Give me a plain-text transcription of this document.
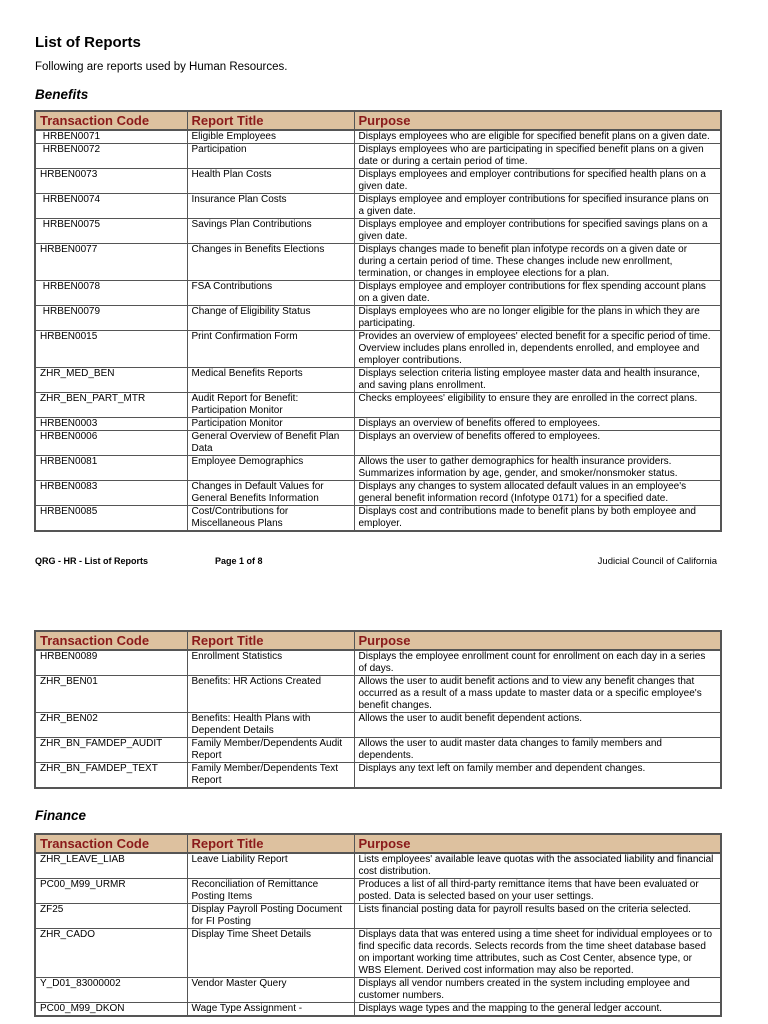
List of Reports
Following are reports used by Human Resources.
Benefits
Transaction Code	Report Title	Purpose
HRBEN0071	Eligible Employees	Displays employees who are eligible for specified benefit plans on a given date.
HRBEN0072	Participation	Displays employees who are participating in specified benefit plans on a given date or during a certain period of time.
HRBEN0073	Health Plan Costs	Displays employees and employer contributions for specified health plans on a given date.
HRBEN0074	Insurance Plan Costs	Displays employee and employer contributions for specified insurance plans on a given date.
HRBEN0075	Savings Plan Contributions	Displays employee and employer contributions for specified savings plans on a given date.
HRBEN0077	Changes in Benefits Elections	Displays changes made to benefit plan infotype records on a given date or during a certain period of time. These changes include new enrollment, termination, or changes in employee elections for a plan.
HRBEN0078	FSA Contributions	Displays employee and employer contributions for flex spending account plans on a given date.
HRBEN0079	Change of Eligibility Status	Displays employees who are no longer eligible for the plans in which they are participating.
HRBEN0015	Print Confirmation Form	Provides an overview of employees' elected benefit for a specific period of time. Overview includes plans enrolled in, dependents enrolled, and employee and employer contributions.
ZHR_MED_BEN	Medical Benefits Reports	Displays selection criteria listing employee master data and health insurance, and saving plans enrollment.
ZHR_BEN_PART_MTR	Audit Report for Benefit: Participation Monitor	Checks employees' eligibility to ensure they are enrolled in the correct plans.
HRBEN0003	Participation Monitor	Displays an overview of benefits offered to employees.
HRBEN0006	General Overview of Benefit Plan Data	Displays an overview of benefits offered to employees.
HRBEN0081	Employee Demographics	Allows the user to gather demographics for health insurance providers. Summarizes information by age, gender, and smoker/nonsmoker status.
HRBEN0083	Changes in Default Values for General Benefits Information	Displays any changes to system allocated default values in an employee's general benefit information record (Infotype 0171) for a specified date.
HRBEN0085	Cost/Contributions for Miscellaneous Plans	Displays cost and contributions made to benefit plans by both employee and employer.
QRG - HR - List of Reports	Page 1 of 8	Judicial Council of California
Transaction Code	Report Title	Purpose
HRBEN0089	Enrollment Statistics	Displays the employee enrollment count for enrollment on each day in a series of days.
ZHR_BEN01	Benefits: HR Actions Created	Allows the user to audit benefit actions and to view any benefit changes that occurred as a result of a mass update to master data or a specific employee's benefit changes.
ZHR_BEN02	Benefits: Health Plans with Dependent Details	Allows the user to audit benefit dependent actions.
ZHR_BN_FAMDEP_AUDIT	Family Member/Dependents Audit Report	Allows the user to audit master data changes to family members and dependents.
ZHR_BN_FAMDEP_TEXT	Family Member/Dependents Text Report	Displays any text left on family member and dependent changes.
Finance
Transaction Code	Report Title	Purpose
ZHR_LEAVE_LIAB	Leave Liability Report	Lists employees' available leave quotas with the associated liability and financial cost distribution.
PC00_M99_URMR	Reconciliation of Remittance Posting Items	Produces a list of all third-party remittance items that have been evaluated or posted. Data is selected based on your user settings.
ZF25	Display Payroll Posting Document for FI Posting	Lists financial posting data for payroll results based on the criteria selected.
ZHR_CADO	Display Time Sheet Details	Displays data that was entered using a time sheet for individual employees or to find specific data records. Selects records from the time sheet database based on important working time attributes, such as Cost Center, absence type, or WBS Element. Derived cost information may also be reported.
Y_D01_83000002	Vendor Master Query	Displays all vendor numbers created in the system including employee and customer numbers.
PC00_M99_DKON	Wage Type Assignment -	Displays wage types and the mapping to the general ledger account.
